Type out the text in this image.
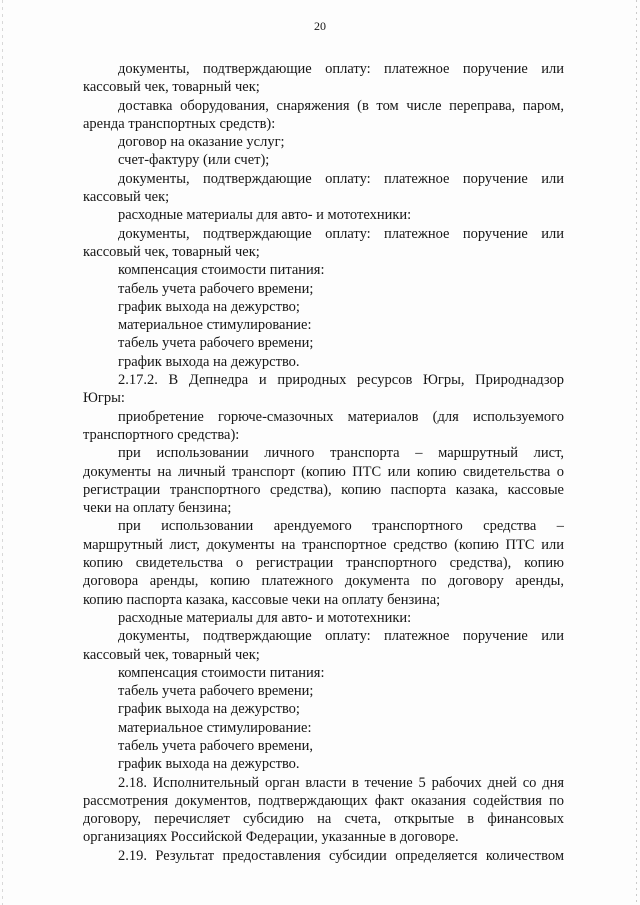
20
документы, подтверждающие оплату: платежное поручение или
кассовый чек, товарный чек;
доставка оборудования, снаряжения (в том числе переправа, паром,
аренда транспортных средств):
договор на оказание услуг;
счет-фактуру (или счет);
документы, подтверждающие оплату: платежное поручение или
кассовый чек;
расходные материалы для авто- и мототехники:
документы, подтверждающие оплату: платежное поручение или
кассовый чек, товарный чек;
компенсация стоимости питания:
табель учета рабочего времени;
график выхода на дежурство;
материальное стимулирование:
табель учета рабочего времени;
график выхода на дежурство.
2.17.2. В Депнедра и природных ресурсов Югры, Природнадзор
Югры:
приобретение горюче-смазочных материалов (для используемого
транспортного средства):
при использовании личного транспорта – маршрутный лист,
документы на личный транспорт (копию ПТС или копию свидетельства о
регистрации транспортного средства), копию паспорта казака, кассовые
чеки на оплату бензина;
при использовании арендуемого транспортного средства –
маршрутный лист, документы на транспортное средство (копию ПТС или
копию свидетельства о регистрации транспортного средства), копию
договора аренды, копию платежного документа по договору аренды,
копию паспорта казака, кассовые чеки на оплату бензина;
расходные материалы для авто- и мототехники:
документы, подтверждающие оплату: платежное поручение или
кассовый чек, товарный чек;
компенсация стоимости питания:
табель учета рабочего времени;
график выхода на дежурство;
материальное стимулирование:
табель учета рабочего времени,
график выхода на дежурство.
2.18. Исполнительный орган власти в течение 5 рабочих дней со дня
рассмотрения документов, подтверждающих факт оказания содействия по
договору, перечисляет субсидию на счета, открытые в финансовых
организациях Российской Федерации, указанные в договоре.
2.19. Результат предоставления субсидии определяется количеством
